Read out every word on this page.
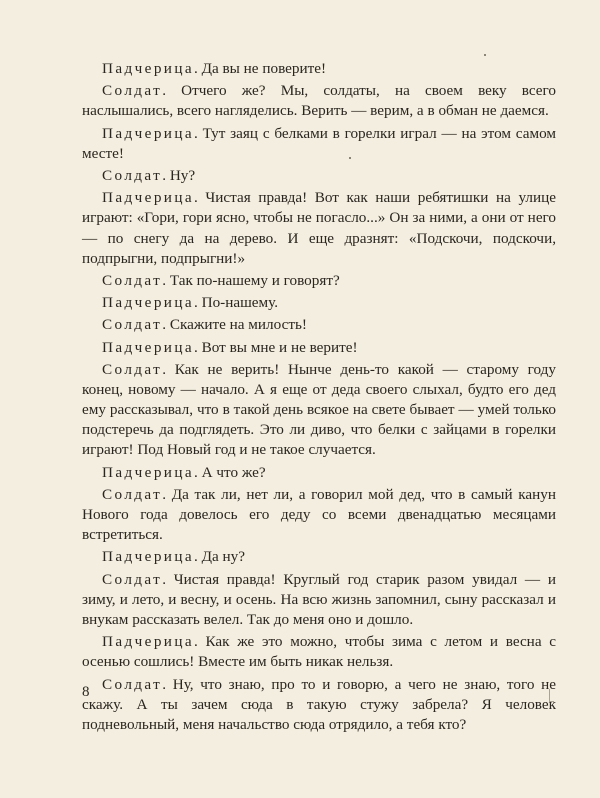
Падчерица. Да вы не поверите!

Солдат. Отчего же? Мы, солдаты, на своем веку всего наслышались, всего нагляделись. Верить — верим, а в обман не даемся.

Падчерица. Тут заяц с белками в горелки играл — на этом самом месте!

Солдат. Ну?

Падчерица. Чистая правда! Вот как наши ребятишки на улице играют: «Гори, гори ясно, чтобы не погасло...» Он за ними, а они от него — по снегу да на дерево. И еще дразнят: «Подскочи, подскочи, подпрыгни, подпрыгни!»

Солдат. Так по-нашему и говорят?

Падчерица. По-нашему.

Солдат. Скажите на милость!

Падчерица. Вот вы мне и не верите!

Солдат. Как не верить! Нынче день-то какой — старому году конец, новому — начало. А я еще от деда своего слыхал, будто его дед ему рассказывал, что в такой день всякое на свете бывает — умей только подстеречь да подглядеть. Это ли диво, что белки с зайцами в горелки играют! Под Новый год и не такое случается.

Падчерица. А что же?

Солдат. Да так ли, нет ли, а говорил мой дед, что в самый канун Нового года довелось его деду со всеми двенадцатью месяцами встретиться.

Падчерица. Да ну?

Солдат. Чистая правда! Круглый год старик разом увидал — и зиму, и лето, и весну, и осень. На всю жизнь запомнил, сыну рассказал и внукам рассказать велел. Так до меня оно и дошло.

Падчерица. Как же это можно, чтобы зима с летом и весна с осенью сошлись! Вместе им быть никак нельзя.

Солдат. Ну, что знаю, про то и говорю, а чего не знаю, того не скажу. А ты зачем сюда в такую стужу забрела? Я человек подневольный, меня начальство сюда отрядило, а тебя кто?

8
